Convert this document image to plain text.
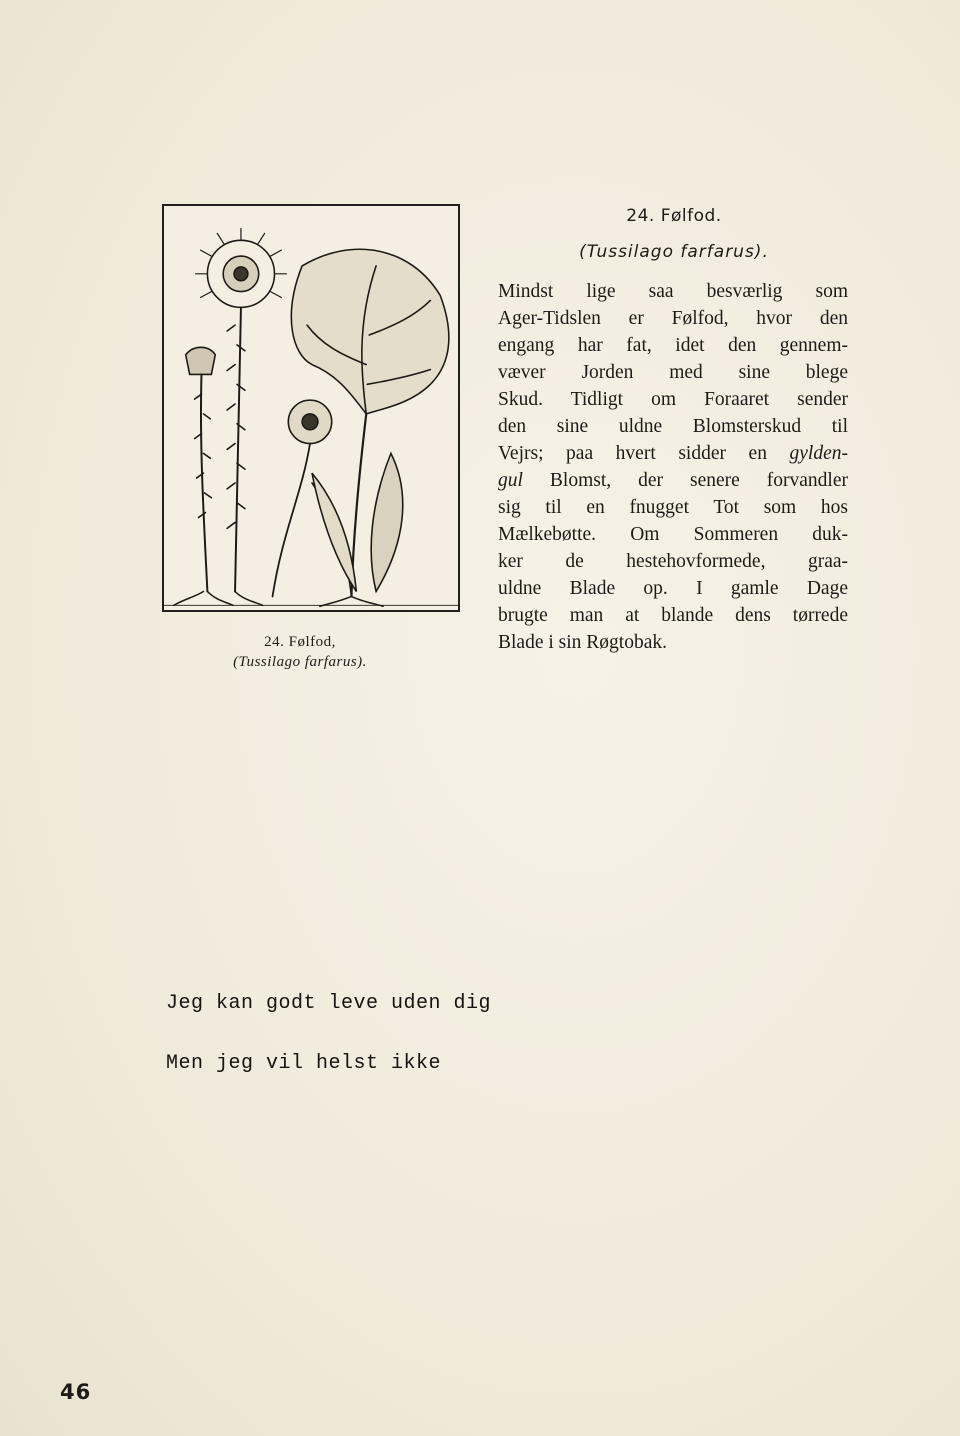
24. Følfod,
(Tussilago farfarus).
24. Følfod.
(Tussilago farfarus).
Mindst lige saa besværlig som
Ager-Tidslen er Følfod, hvor den
engang har fat, idet den gennem-
væver Jorden med sine blege
Skud. Tidligt om Foraaret sender
den sine uldne Blomsterskud til
Vejrs; paa hvert sidder en gylden-
gul Blomst, der senere forvandler
sig til en fnugget Tot som hos
Mælkebøtte. Om Sommeren duk-
ker de hestehovformede, graa-
uldne Blade op. I gamle Dage
brugte man at blande dens tørrede
Blade i sin Røgtobak.
Jeg kan godt leve uden dig
Men jeg vil helst ikke
46
